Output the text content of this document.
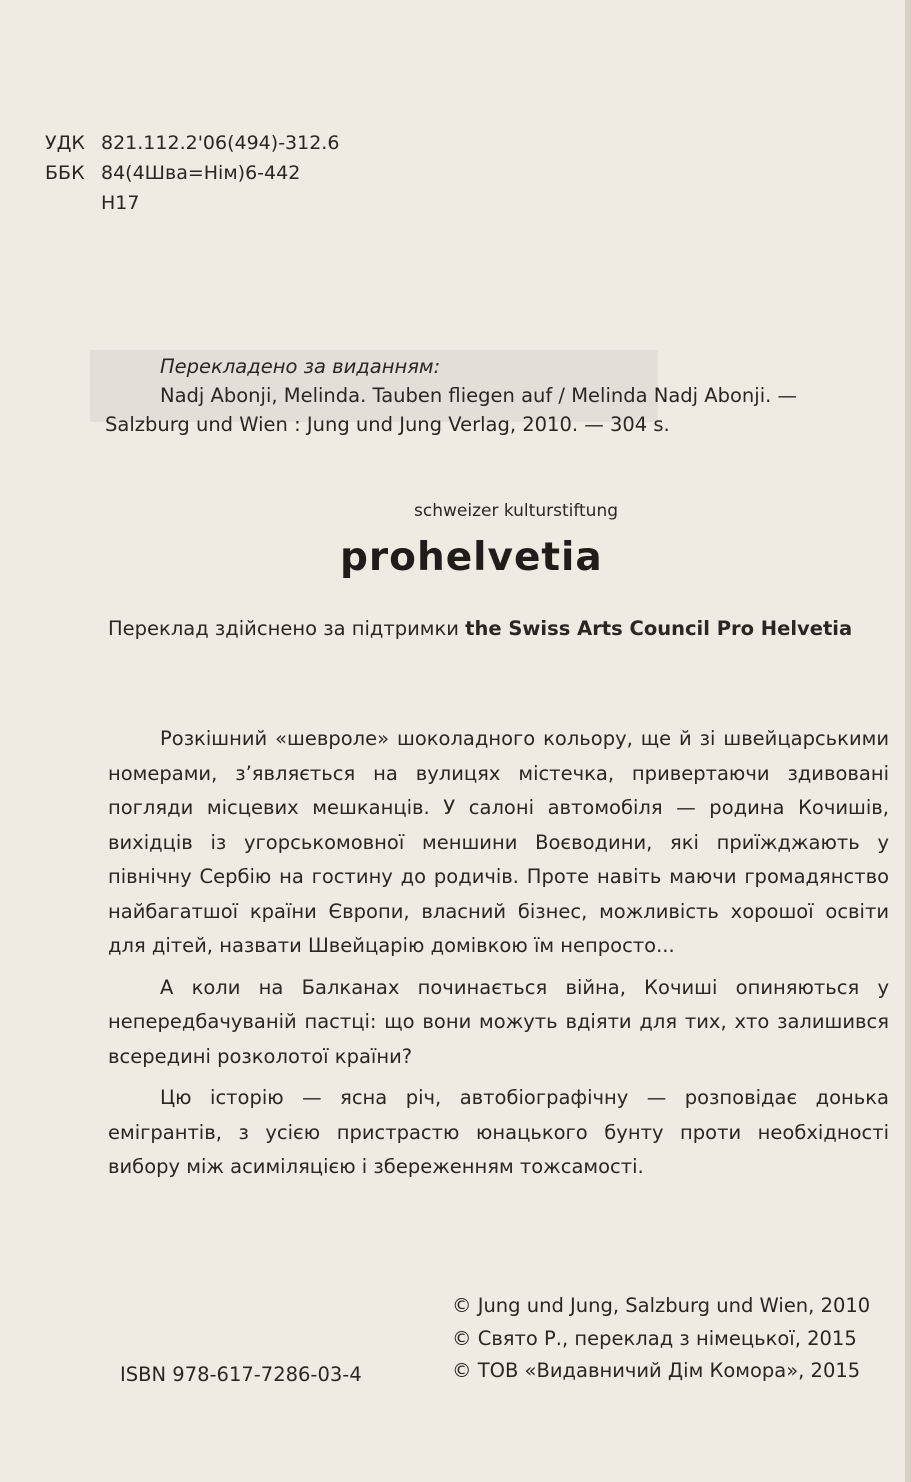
УДК 821.112.2'06(494)-312.6
ББК 84(4Шва=Нім)6-442
Н17
Перекладено за виданням:
Nadj Abonji, Melinda. Tauben fliegen auf / Melinda Nadj Abonji. —
Salzburg und Wien : Jung und Jung Verlag, 2010. — 304 s.
schweizer kulturstiftung
prohelvetia
Переклад здійснено за підтримки the Swiss Arts Council Pro Helvetia

Розкішний «шевроле» шоколадного кольору, ще й зі швейцарськими номерами, з’являється на вулицях містечка, привертаючи здивовані погляди місцевих мешканців. У салоні автомобіля — родина Кочишів, вихідців із угорськомовної меншини Воєводини, які приїжджають у північну Сербію на гостину до родичів. Проте навіть маючи громадянство найбагатшої країни Європи, власний бізнес, можливість хорошої освіти для дітей, назвати Швейцарію домівкою їм непросто...

А коли на Балканах починається війна, Кочиші опиняються у непередбачуваній пастці: що вони можуть вдіяти для тих, хто залишився всередині розколотої країни?

Цю історію — ясна річ, автобіографічну — розповідає донька емігрантів, з усією пристрастю юнацького бунту проти необхідності вибору між асиміляцією і збереженням тожсамості.

© Jung und Jung, Salzburg und Wien, 2010
© Свято Р., переклад з німецької, 2015
© ТОВ «Видавничий Дім Комора», 2015
ISBN 978-617-7286-03-4
